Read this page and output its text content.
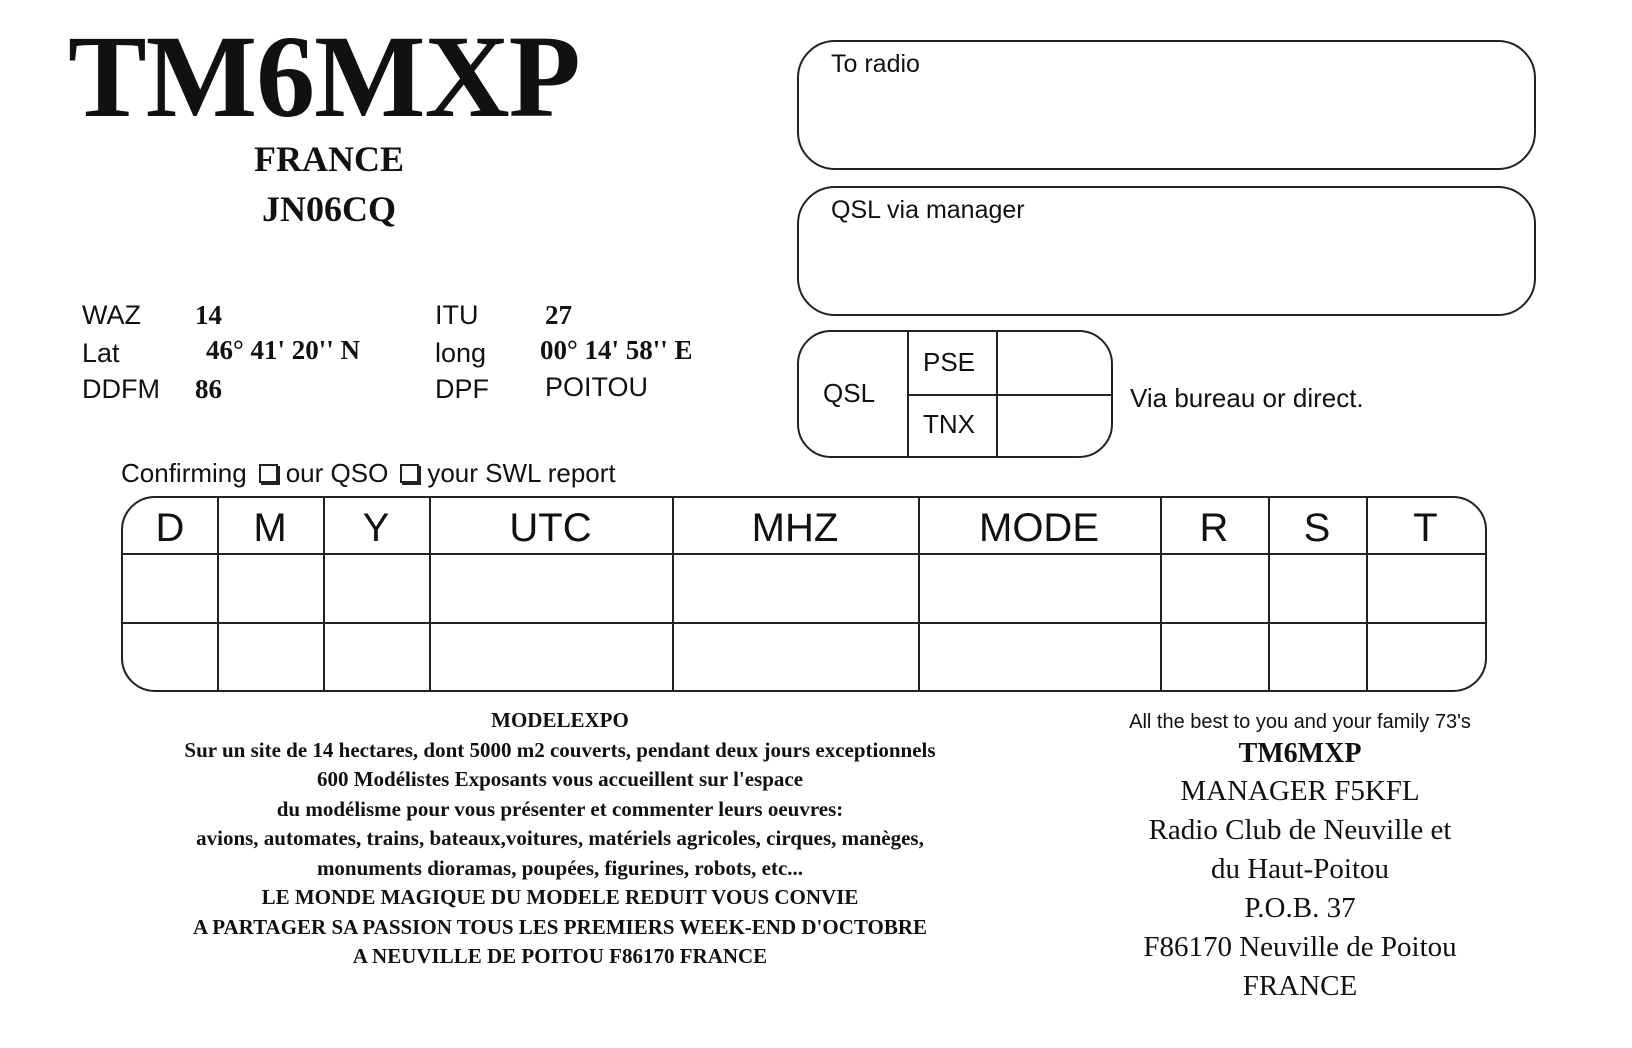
TM6MXP
FRANCE
JN06CQ
WAZ 14	ITU 27
Lat	46° 41' 20'' N	long 00° 14' 58'' E
DDFM 86	DPF POITOU
To radio
QSL via manager
QSL
PSE
TNX
Via bureau or direct.
Confirming our QSO your SWL report
D	M	Y	UTC	MHZ	MODE	R	S	T
MODELEXPO
Sur un site de 14 hectares, dont 5000 m2 couverts, pendant deux jours exceptionnels
600 Modélistes Exposants vous accueillent sur l'espace
du modélisme pour vous présenter et commenter leurs oeuvres:
avions, automates, trains, bateaux,voitures, matériels agricoles, cirques, manèges,
monuments dioramas, poupées, figurines, robots, etc...
LE MONDE MAGIQUE DU MODELE REDUIT VOUS CONVIE
A PARTAGER SA PASSION TOUS LES PREMIERS WEEK-END D'OCTOBRE
A NEUVILLE DE POITOU F86170 FRANCE
All the best to you and your family 73's
TM6MXP
MANAGER F5KFL
Radio Club de Neuville et
du Haut-Poitou
P.O.B. 37
F86170 Neuville de Poitou
FRANCE
